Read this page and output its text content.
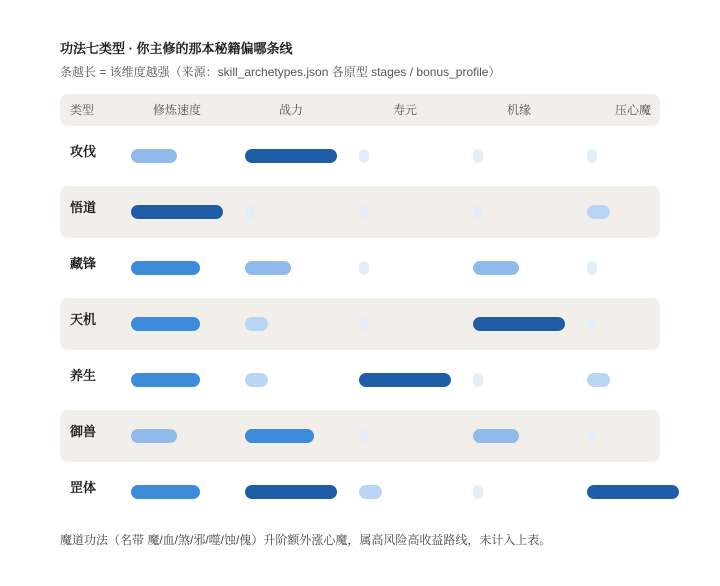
功法七类型 · 你主修的那本秘籍偏哪条线
条越长 = 该维度越强（来源：skill_archetypes.json 各原型 stages / bonus_profile）
类型	修炼速度	战力	寿元	机缘	压心魔
攻伐
悟道
藏锋
天机
养生
御兽
罡体
魔道功法（名带 魔/血/煞/邪/噬/蚀/傀）升阶额外涨心魔，属高风险高收益路线，未计入上表。
